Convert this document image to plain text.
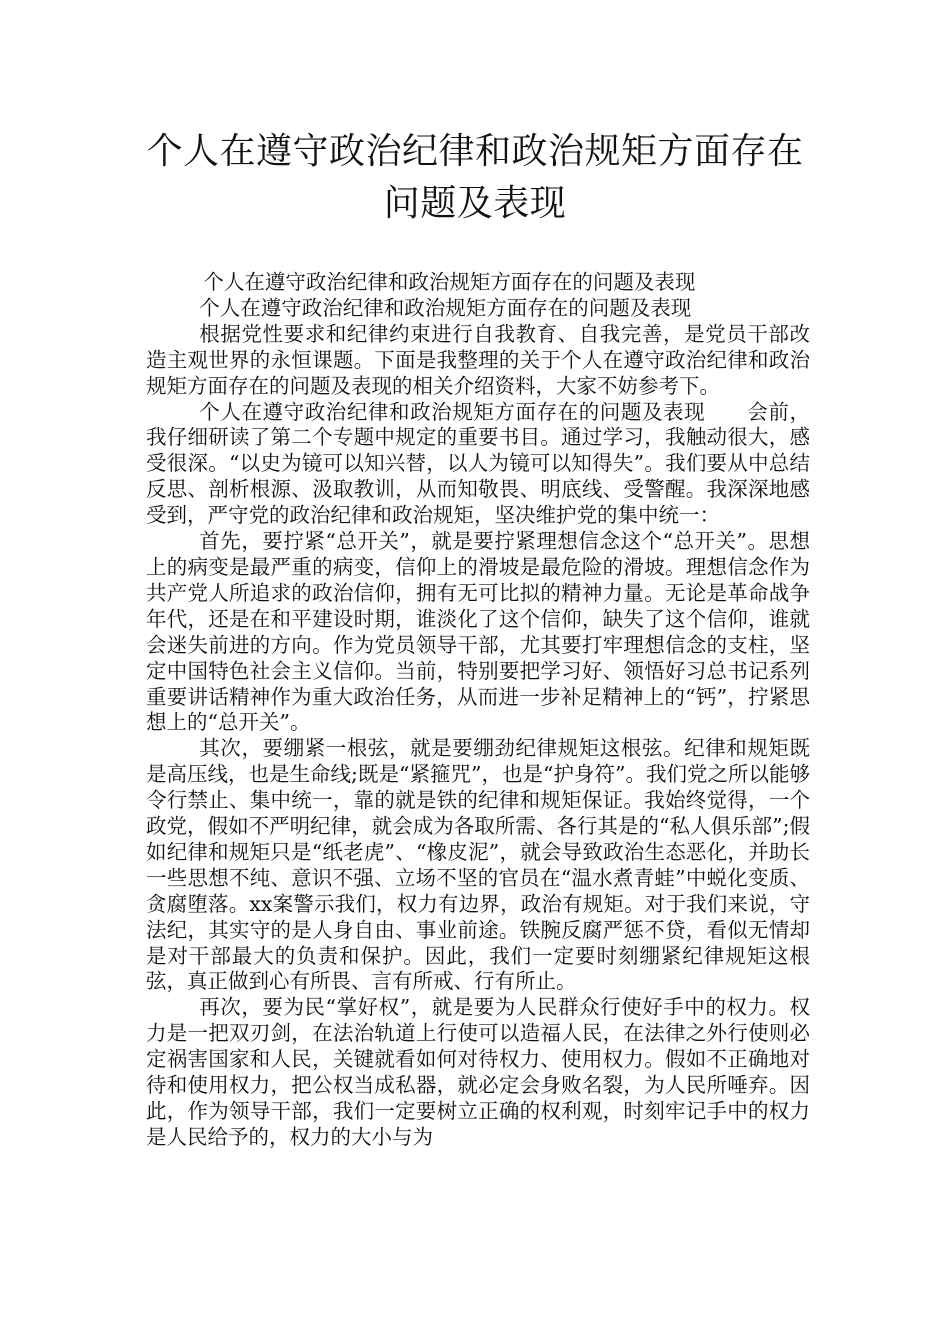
个人在遵守政治纪律和政治规矩方面存在问题及表现

个人在遵守政治纪律和政治规矩方面存在的问题及表现

个人在遵守政治纪律和政治规矩方面存在的问题及表现

根据党性要求和纪律约束进行自我教育、自我完善，是党员干部改造主观世界的永恒课题。下面是我整理的关于个人在遵守政治纪律和政治规矩方面存在的问题及表现的相关介绍资料，大家不妨参考下。

个人在遵守政治纪律和政治规矩方面存在的问题及表现　　会前，我仔细研读了第二个专题中规定的重要书目。通过学习，我触动很大，感受很深。“以史为镜可以知兴替，以人为镜可以知得失”。我们要从中总结反思、剖析根源、汲取教训，从而知敬畏、明底线、受警醒。我深深地感受到，严守党的政治纪律和政治规矩，坚决维护党的集中统一：

首先，要拧紧“总开关”，就是要拧紧理想信念这个“总开关”。思想上的病变是最严重的病变，信仰上的滑坡是最危险的滑坡。理想信念作为共产党人所追求的政治信仰，拥有无可比拟的精神力量。无论是革命战争年代，还是在和平建设时期，谁淡化了这个信仰，缺失了这个信仰，谁就会迷失前进的方向。作为党员领导干部，尤其要打牢理想信念的支柱，坚定中国特色社会主义信仰。当前，特别要把学习好、领悟好习总书记系列重要讲话精神作为重大政治任务，从而进一步补足精神上的“钙”，拧紧思想上的“总开关”。

其次，要绷紧一根弦，就是要绷劲纪律规矩这根弦。纪律和规矩既是高压线，也是生命线;既是“紧箍咒”，也是“护身符”。我们党之所以能够令行禁止、集中统一，靠的就是铁的纪律和规矩保证。我始终觉得，一个政党，假如不严明纪律，就会成为各取所需、各行其是的“私人俱乐部”;假如纪律和规矩只是“纸老虎”、“橡皮泥”，就会导致政治生态恶化，并助长一些思想不纯、意识不强、立场不坚的官员在“温水煮青蛙”中蜕化变质、贪腐堕落。xx案警示我们，权力有边界，政治有规矩。对于我们来说，守法纪，其实守的是人身自由、事业前途。铁腕反腐严惩不贷，看似无情却是对干部最大的负责和保护。因此，我们一定要时刻绷紧纪律规矩这根弦，真正做到心有所畏、言有所戒、行有所止。

再次，要为民“掌好权”，就是要为人民群众行使好手中的权力。权力是一把双刃剑，在法治轨道上行使可以造福人民，在法律之外行使则必定祸害国家和人民，关键就看如何对待权力、使用权力。假如不正确地对待和使用权力，把公权当成私器，就必定会身败名裂，为人民所唾弃。因此，作为领导干部，我们一定要树立正确的权利观，时刻牢记手中的权力是人民给予的，权力的大小与为
